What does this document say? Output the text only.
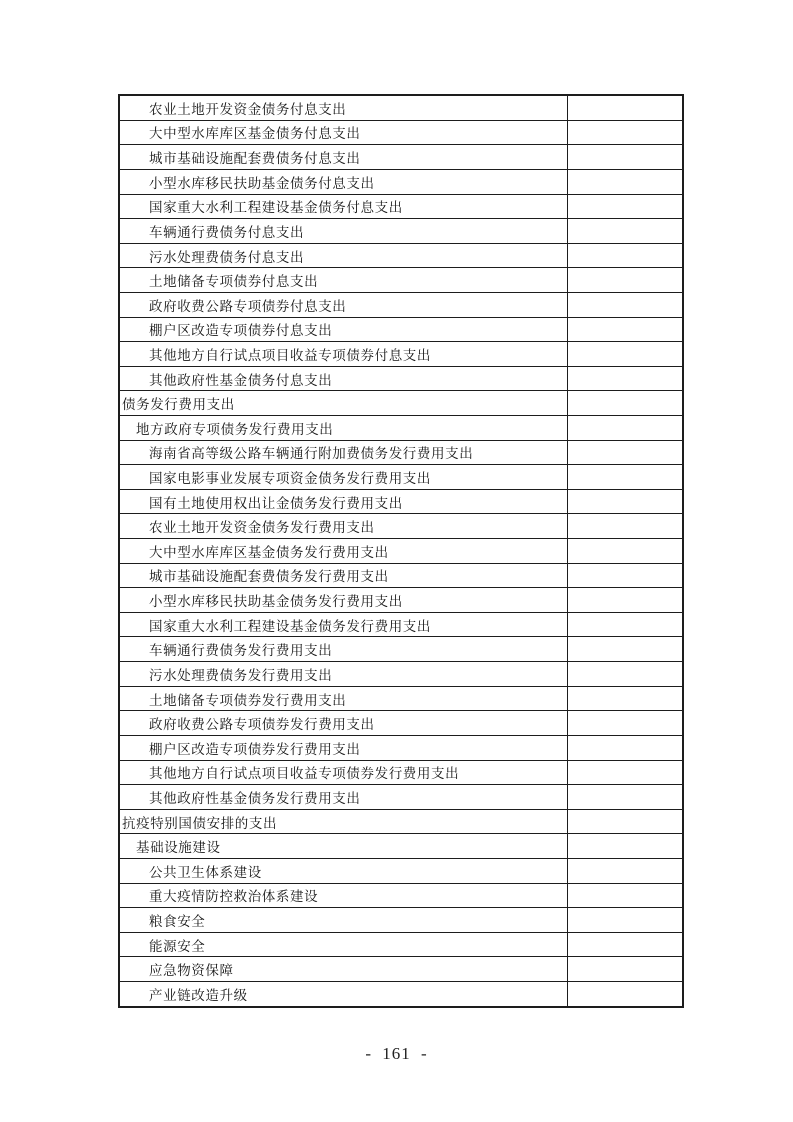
农业土地开发资金债务付息支出	
大中型水库库区基金债务付息支出	
城市基础设施配套费债务付息支出	
小型水库移民扶助基金债务付息支出	
国家重大水利工程建设基金债务付息支出	
车辆通行费债务付息支出	
污水处理费债务付息支出	
土地储备专项债券付息支出	
政府收费公路专项债券付息支出	
棚户区改造专项债券付息支出	
其他地方自行试点项目收益专项债券付息支出	
其他政府性基金债务付息支出	
债务发行费用支出	
地方政府专项债务发行费用支出	
海南省高等级公路车辆通行附加费债务发行费用支出	
国家电影事业发展专项资金债务发行费用支出	
国有土地使用权出让金债务发行费用支出	
农业土地开发资金债务发行费用支出	
大中型水库库区基金债务发行费用支出	
城市基础设施配套费债务发行费用支出	
小型水库移民扶助基金债务发行费用支出	
国家重大水利工程建设基金债务发行费用支出	
车辆通行费债务发行费用支出	
污水处理费债务发行费用支出	
土地储备专项债券发行费用支出	
政府收费公路专项债券发行费用支出	
棚户区改造专项债券发行费用支出	
其他地方自行试点项目收益专项债券发行费用支出	
其他政府性基金债务发行费用支出	
抗疫特别国债安排的支出	
基础设施建设	
公共卫生体系建设	
重大疫情防控救治体系建设	
粮食安全	
能源安全	
应急物资保障	
产业链改造升级	
- 161 -
